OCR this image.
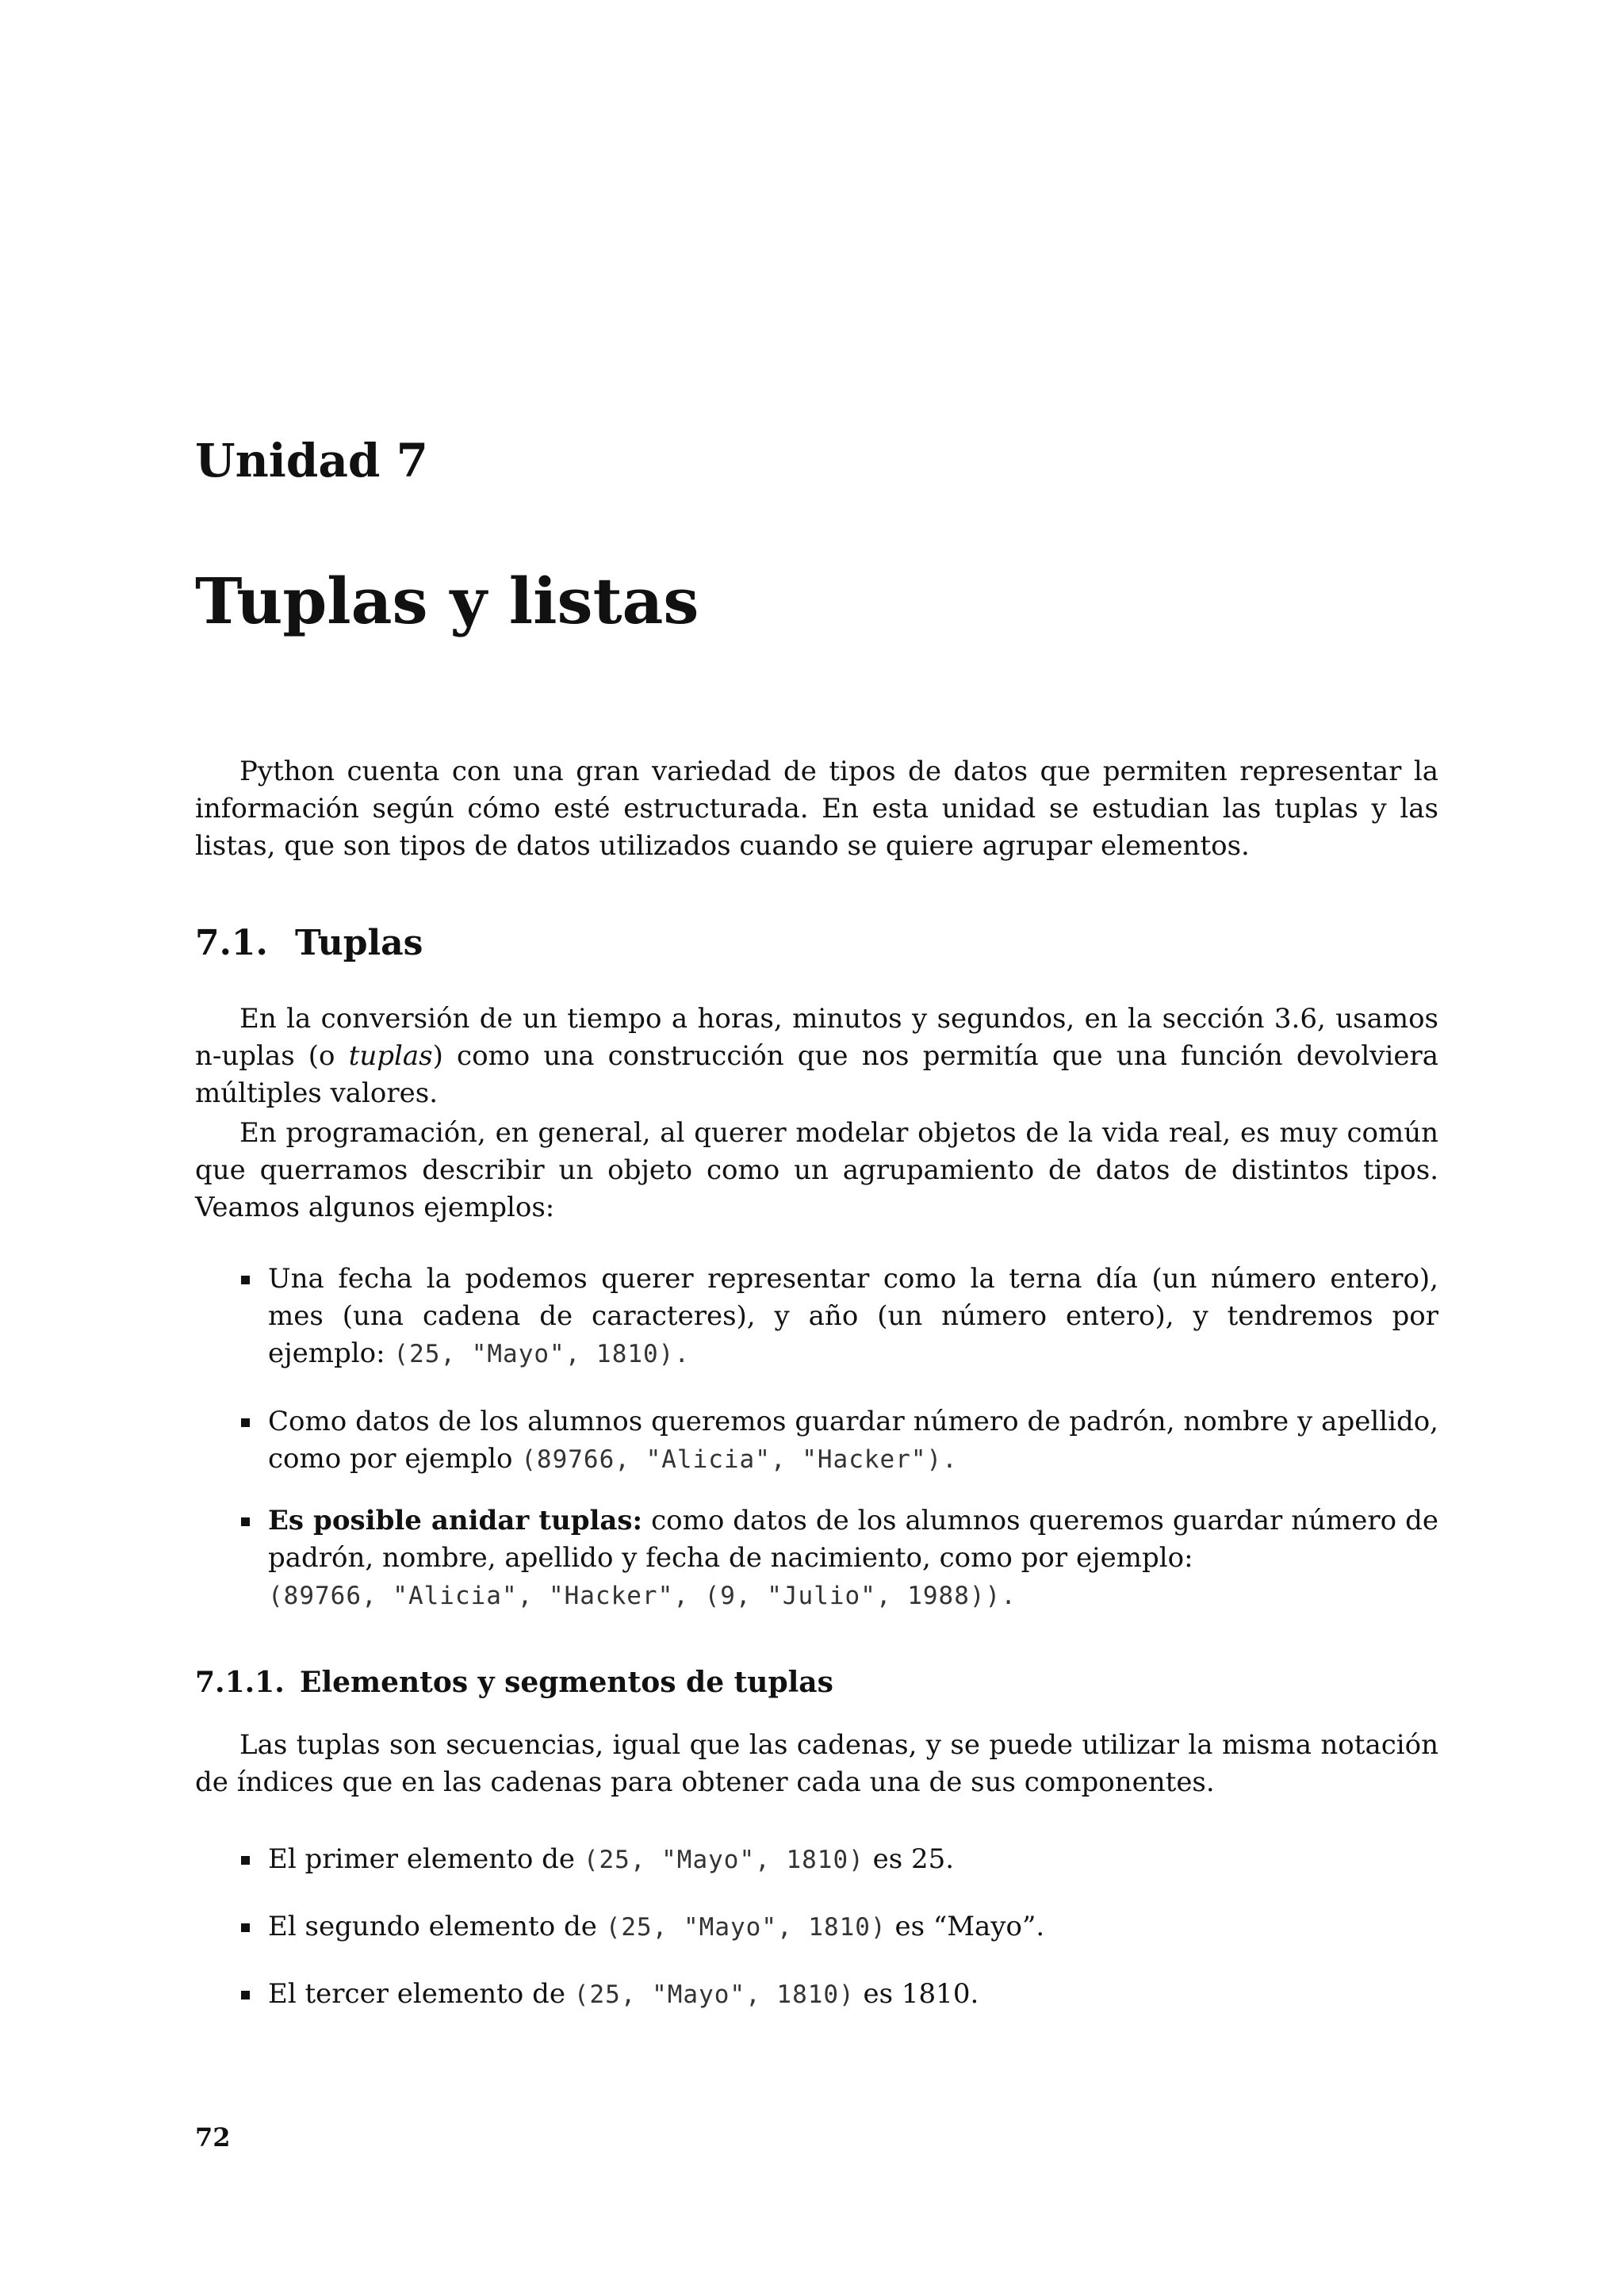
Unidad 7
Tuplas y listas

Python cuenta con una gran variedad de tipos de datos que permiten representar la información según cómo esté estructurada. En esta unidad se estudian las tuplas y las listas, que son tipos de datos utilizados cuando se quiere agrupar elementos.

7.1. Tuplas

En la conversión de un tiempo a horas, minutos y segundos, en la sección 3.6, usamos n-uplas (o tuplas) como una construcción que nos permitía que una función devolviera múltiples valores.

En programación, en general, al querer modelar objetos de la vida real, es muy común que querramos describir un objeto como un agrupamiento de datos de distintos tipos. Veamos algunos ejemplos:

Una fecha la podemos querer representar como la terna día (un número entero), mes (una cadena de caracteres), y año (un número entero), y tendremos por ejemplo: (25, "Mayo", 1810).
Como datos de los alumnos queremos guardar número de padrón, nombre y apellido, como por ejemplo (89766, "Alicia", "Hacker").
Es posible anidar tuplas: como datos de los alumnos queremos guardar número de padrón, nombre, apellido y fecha de nacimiento, como por ejemplo:
(89766, "Alicia", "Hacker", (9, "Julio", 1988)).
7.1.1. Elementos y segmentos de tuplas

Las tuplas son secuencias, igual que las cadenas, y se puede utilizar la misma notación de índices que en las cadenas para obtener cada una de sus componentes.

El primer elemento de (25, "Mayo", 1810) es 25.
El segundo elemento de (25, "Mayo", 1810) es “Mayo”.
El tercer elemento de (25, "Mayo", 1810) es 1810.
72
